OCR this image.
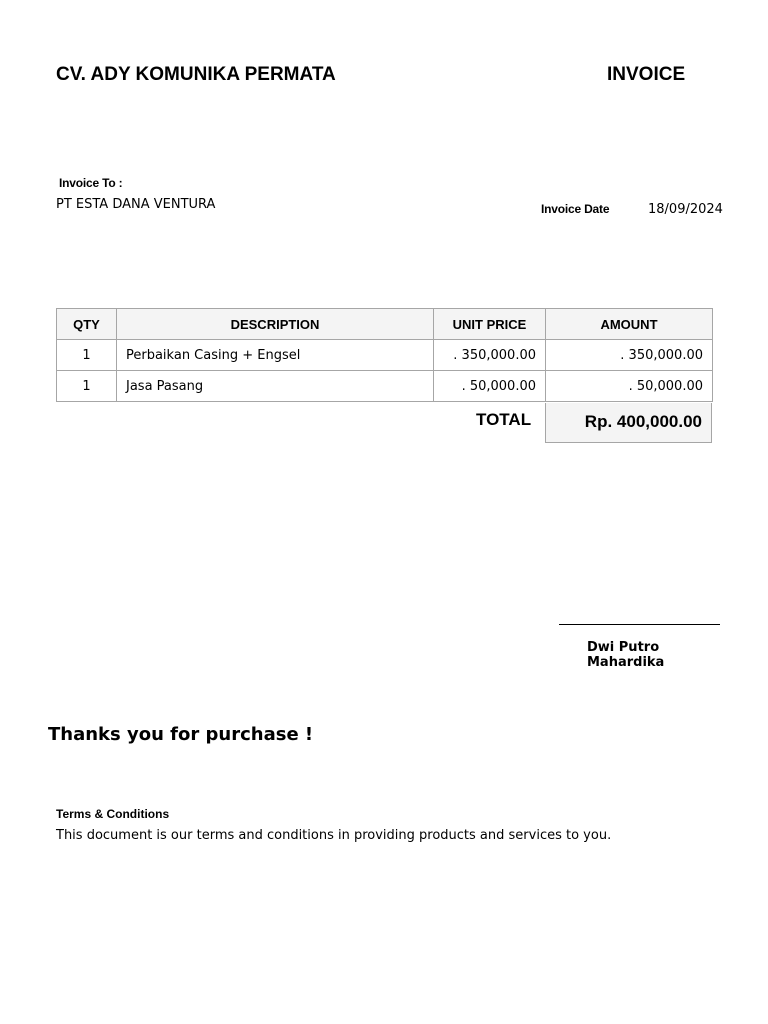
CV. ADY KOMUNIKA PERMATA	INVOICE
Invoice To :
PT ESTA DANA VENTURA	Invoice Date	18/09/2024
QTY	DESCRIPTION	UNIT PRICE	AMOUNT
1	Perbaikan Casing + Engsel	. 350,000.00	. 350,000.00
1	Jasa Pasang	. 50,000.00	. 50,000.00
TOTAL	Rp. 400,000.00
Dwi Putro Mahardika
Thanks you for purchase !
Terms & Conditions
This document is our terms and conditions in providing products and services to you.
